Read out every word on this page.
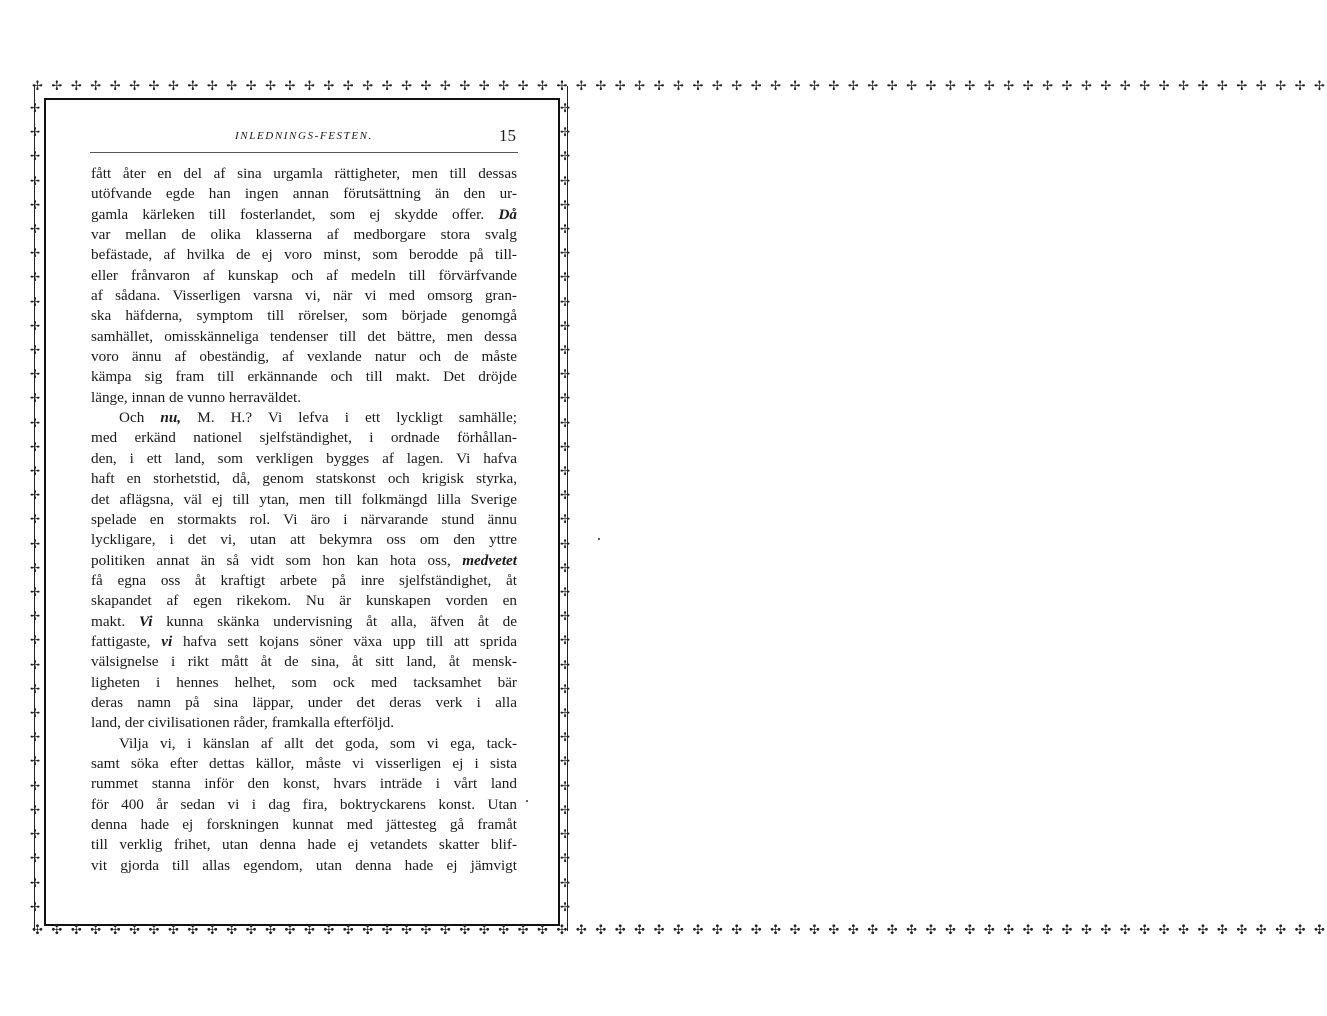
✢ ✢ ✢ ✢ ✢ ✢ ✢ ✢ ✢ ✢ ✢ ✢ ✢ ✢ ✢ ✢ ✢ ✢ ✢ ✢ ✢ ✢ ✢ ✢ ✢ ✢ ✢ ✢ ✢ ✢ ✢ ✢ ✢ ✢ ✢ ✢ ✢ ✢ ✢ ✢ ✢ ✢ ✢ ✢ ✢ ✢ ✢ ✢ ✢ ✢ ✢ ✢ ✢ ✢ ✢ ✢ ✢ ✢ ✢ ✢ ✢ ✢ ✢ ✢ ✢ ✢ ✢
✢
✢
✢
✢
✢
✢
✢
✢
✢
✢
✢
✢
✢
✢
✢
✢
✢
✢
✢
✢
✢
✢
✢
✢
✢
✢
✢
✢
✢
✢
✢
✢
✢
✢

✢
✢
✢
✢
✢
✢
✢
✢
✢
✢
✢
✢
✢
✢
✢
✢
✢
✢
✢
✢
✢
✢
✢
✢
✢
✢
✢
✢
✢
✢
✢
✢
✢
✢

✣ ✣ ✣ ✣ ✣ ✣ ✣ ✣ ✣ ✣ ✣ ✣ ✣ ✣ ✣ ✣ ✣ ✣ ✣ ✣ ✣ ✣ ✣ ✣ ✣ ✣ ✣ ✣ ✣ ✣ ✣ ✣ ✣ ✣ ✣ ✣ ✣ ✣ ✣ ✣ ✣ ✣ ✣ ✣ ✣ ✣ ✣ ✣ ✣ ✣ ✣ ✣ ✣ ✣ ✣ ✣ ✣ ✣ ✣ ✣ ✣ ✣ ✣ ✣ ✣ ✣ ✣
INLEDNINGS-FESTEN.	15
fått åter en del af sina urgamla rättigheter, men till dessas
utöfvande egde han ingen annan förutsättning än den ur-
gamla kärleken till fosterlandet, som ej skydde offer. Då
var mellan de olika klasserna af medborgare stora svalg
befästade, af hvilka de ej voro minst, som berodde på till-
eller frånvaron af kunskap och af medeln till förvärfvande
af sådana. Visserligen varsna vi, när vi med omsorg gran-
ska häfderna, symptom till rörelser, som började genomgå
samhället, omisskänneliga tendenser till det bättre, men dessa
voro ännu af obeständig, af vexlande natur och de måste
kämpa sig fram till erkännande och till makt. Det dröjde
länge, innan de vunno herraväldet.
Och nu, M. H.? Vi lefva i ett lyckligt samhälle;
med erkänd nationel sjelfständighet, i ordnade förhållan-
den, i ett land, som verkligen bygges af lagen. Vi hafva
haft en storhetstid, då, genom statskonst och krigisk styrka,
det aflägsna, väl ej till ytan, men till folkmängd lilla Sverige
spelade en stormakts rol. Vi äro i närvarande stund ännu
lyckligare, i det vi, utan att bekymra oss om den yttre
politiken annat än så vidt som hon kan hota oss, medvetet
få egna oss åt kraftigt arbete på inre sjelfständighet, åt
skapandet af egen rikekom. Nu är kunskapen vorden en
makt. Vi kunna skänka undervisning åt alla, äfven åt de
fattigaste, vi hafva sett kojans söner växa upp till att sprida
välsignelse i rikt mått åt de sina, åt sitt land, åt mensk-
ligheten i hennes helhet, som ock med tacksamhet bär
deras namn på sina läppar, under det deras verk i alla
land, der civilisationen råder, framkalla efterföljd.
Vilja vi, i känslan af allt det goda, som vi ega, tack-
samt söka efter dettas källor, måste vi visserligen ej i sista
rummet stanna inför den konst, hvars inträde i vårt land
för 400 år sedan vi i dag fira, boktryckarens konst. Utan
denna hade ej forskningen kunnat med jättesteg gå framåt
till verklig frihet, utan denna hade ej vetandets skatter blif-
vit gjorda till allas egendom, utan denna hade ej jämvigt
